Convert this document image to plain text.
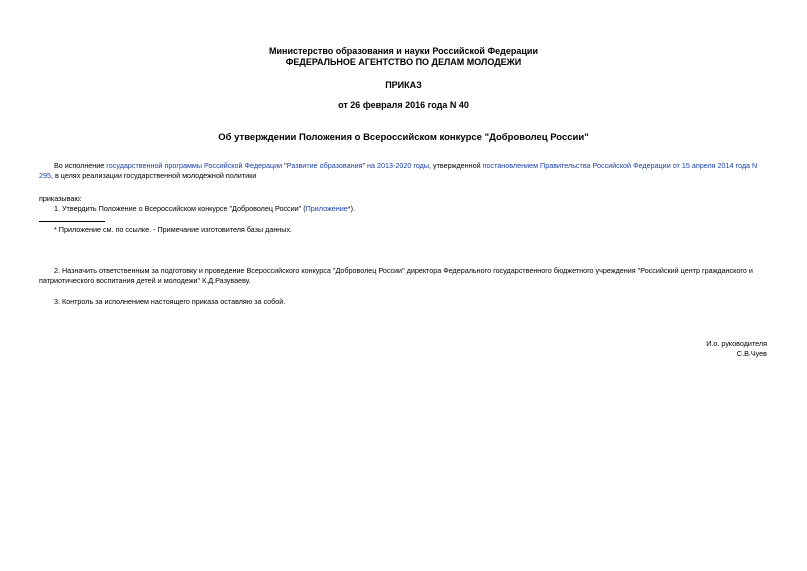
Министерство образования и науки Российской Федерации
ФЕДЕРАЛЬНОЕ АГЕНТСТВО ПО ДЕЛАМ МОЛОДЕЖИ
ПРИКАЗ
от 26 февраля 2016 года N 40
Об утверждении Положения о Всероссийском конкурсе "Доброволец России"
Во исполнение государственной программы Российской Федерации "Развитие образования" на 2013-2020 годы, утвержденной постановлением Правительства Российской Федерации от 15 апреля 2014 года N
295, в целях реализации государственной молодежной политики
приказываю:
1. Утвердить Положение о Всероссийском конкурсе "Доброволец России" (Приложение*).
* Приложение см. по ссылке. - Примечание изготовителя базы данных.
2. Назначить ответственным за подготовку и проведение Всероссийского конкурса "Доброволец России" директора Федерального государственного бюджетного учреждения "Российский центр гражданского и
патриотического воспитания детей и молодежи" К.Д.Разуваеву.
3. Контроль за исполнением настоящего приказа оставляю за собой.
И.о. руководителя
С.В.Чуев
